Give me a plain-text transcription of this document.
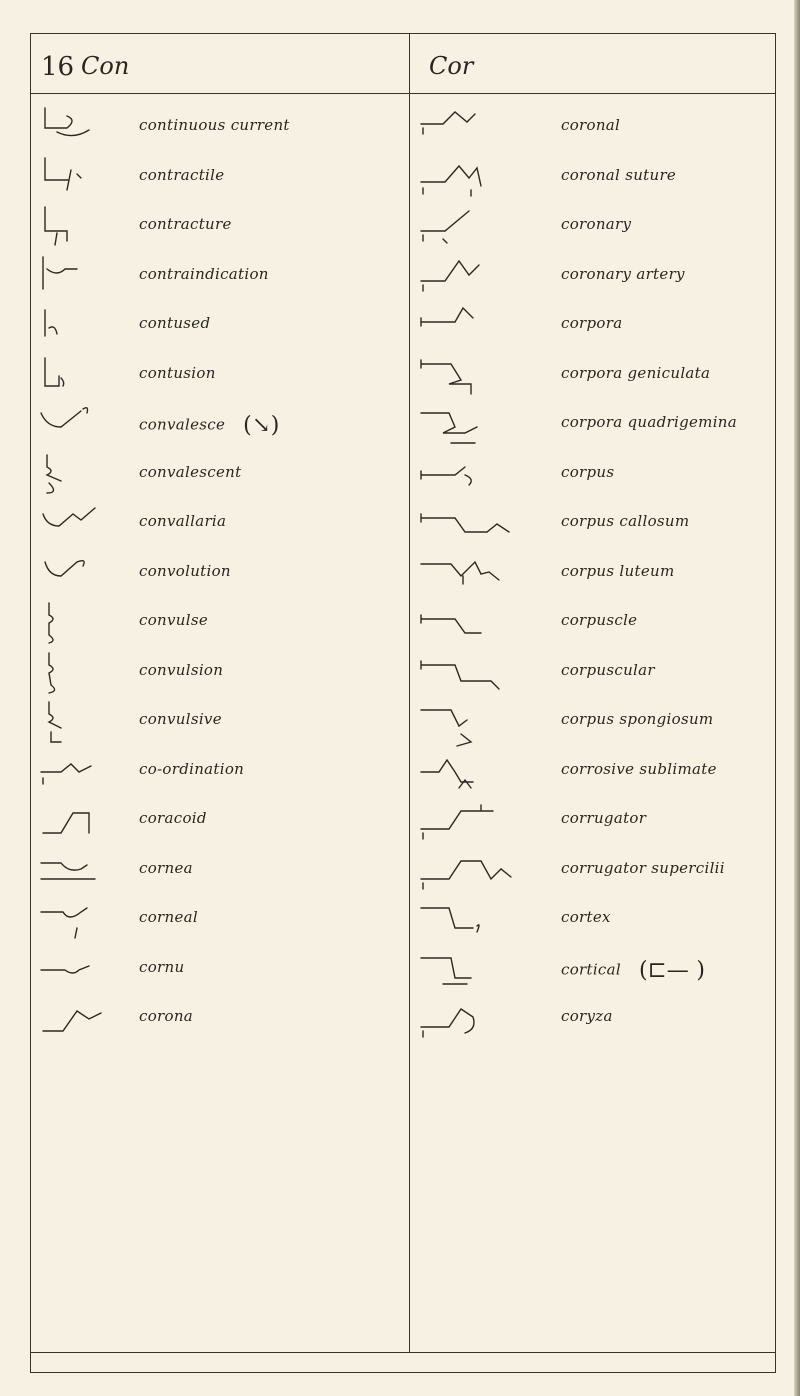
16 Con	Cor
continuous current
contractile
contracture
contraindication
contused
contusion
convalesce (↘)
convalescent
convallaria
convolution
convulse
convulsion
convulsive
co-ordination
coracoid
cornea
corneal
cornu
corona
coronal
coronal suture
coronary
coronary artery
corpora
corpora geniculata
corpora quadrigemina
corpus
corpus callosum
corpus luteum
corpuscle
corpuscular
corpus spongiosum
corrosive sublimate
corrugator
corrugator supercilii
cortex
cortical (⊏— )
coryza
